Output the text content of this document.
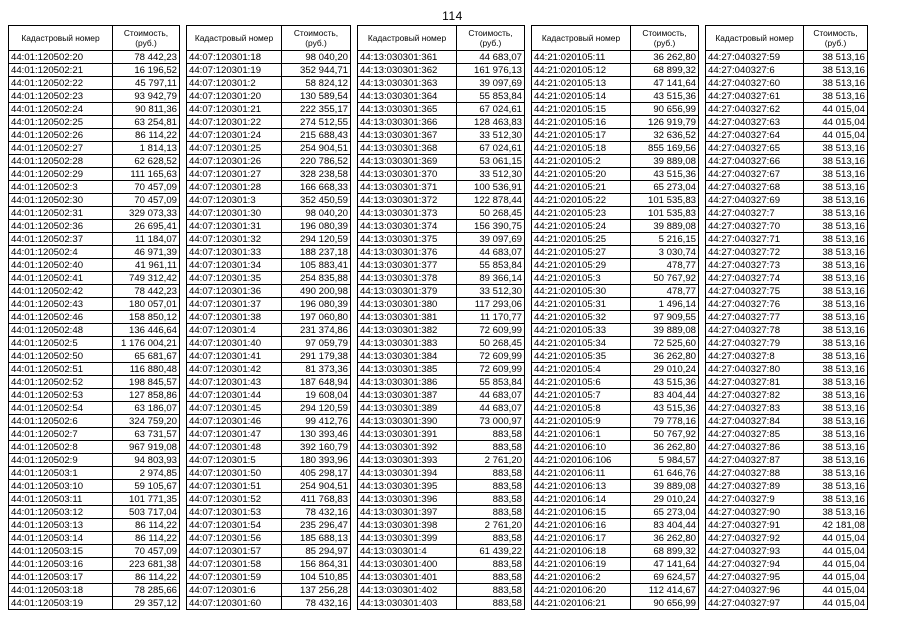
114
Кадастровый номер	Стоимость, (руб.)
44:01:120502:20	78 442,23
44:01:120502:21	16 196,52
44:01:120502:22	45 797,11
44:01:120502:23	93 942,79
44:01:120502:24	90 811,36
44:01:120502:25	63 254,81
44:01:120502:26	86 114,22
44:01:120502:27	1 814,13
44:01:120502:28	62 628,52
44:01:120502:29	111 165,63
44:01:120502:3	70 457,09
44:01:120502:30	70 457,09
44:01:120502:31	329 073,33
44:01:120502:36	26 695,41
44:01:120502:37	11 184,07
44:01:120502:4	46 971,39
44:01:120502:40	41 961,11
44:01:120502:41	749 312,42
44:01:120502:42	78 442,23
44:01:120502:43	180 057,01
44:01:120502:46	158 850,12
44:01:120502:48	136 446,64
44:01:120502:5	1 176 004,21
44:01:120502:50	65 681,67
44:01:120502:51	116 880,48
44:01:120502:52	198 845,57
44:01:120502:53	127 858,86
44:01:120502:54	63 186,07
44:01:120502:6	324 759,20
44:01:120502:7	63 731,57
44:01:120502:8	967 919,08
44:01:120502:9	94 803,93
44:01:120503:1	2 974,85
44:01:120503:10	59 105,67
44:01:120503:11	101 771,35
44:01:120503:12	503 717,04
44:01:120503:13	86 114,22
44:01:120503:14	86 114,22
44:01:120503:15	70 457,09
44:01:120503:16	223 681,38
44:01:120503:17	86 114,22
44:01:120503:18	78 285,66
44:01:120503:19	29 357,12
Кадастровый номер	Стоимость, (руб.)
44:07:120301:18	98 040,20
44:07:120301:19	352 944,71
44:07:120301:2	58 824,12
44:07:120301:20	130 589,54
44:07:120301:21	222 355,17
44:07:120301:22	274 512,55
44:07:120301:24	215 688,43
44:07:120301:25	254 904,51
44:07:120301:26	220 786,52
44:07:120301:27	328 238,58
44:07:120301:28	166 668,33
44:07:120301:3	352 450,59
44:07:120301:30	98 040,20
44:07:120301:31	196 080,39
44:07:120301:32	294 120,59
44:07:120301:33	188 237,18
44:07:120301:34	105 883,41
44:07:120301:35	254 835,88
44:07:120301:36	490 200,98
44:07:120301:37	196 080,39
44:07:120301:38	197 060,80
44:07:120301:4	231 374,86
44:07:120301:40	97 059,79
44:07:120301:41	291 179,38
44:07:120301:42	81 373,36
44:07:120301:43	187 648,94
44:07:120301:44	19 608,04
44:07:120301:45	294 120,59
44:07:120301:46	99 412,76
44:07:120301:47	130 393,46
44:07:120301:48	392 160,79
44:07:120301:5	180 393,96
44:07:120301:50	405 298,17
44:07:120301:51	254 904,51
44:07:120301:52	411 768,83
44:07:120301:53	78 432,16
44:07:120301:54	235 296,47
44:07:120301:56	185 688,13
44:07:120301:57	85 294,97
44:07:120301:58	156 864,31
44:07:120301:59	104 510,85
44:07:120301:6	137 256,28
44:07:120301:60	78 432,16
Кадастровый номер	Стоимость, (руб.)
44:13:030301:361	44 683,07
44:13:030301:362	161 976,13
44:13:030301:363	39 097,69
44:13:030301:364	55 853,84
44:13:030301:365	67 024,61
44:13:030301:366	128 463,83
44:13:030301:367	33 512,30
44:13:030301:368	67 024,61
44:13:030301:369	53 061,15
44:13:030301:370	33 512,30
44:13:030301:371	100 536,91
44:13:030301:372	122 878,44
44:13:030301:373	50 268,45
44:13:030301:374	156 390,75
44:13:030301:375	39 097,69
44:13:030301:376	44 683,07
44:13:030301:377	55 853,84
44:13:030301:378	89 366,14
44:13:030301:379	33 512,30
44:13:030301:380	117 293,06
44:13:030301:381	11 170,77
44:13:030301:382	72 609,99
44:13:030301:383	50 268,45
44:13:030301:384	72 609,99
44:13:030301:385	72 609,99
44:13:030301:386	55 853,84
44:13:030301:387	44 683,07
44:13:030301:389	44 683,07
44:13:030301:390	73 000,97
44:13:030301:391	883,58
44:13:030301:392	883,58
44:13:030301:393	2 761,20
44:13:030301:394	883,58
44:13:030301:395	883,58
44:13:030301:396	883,58
44:13:030301:397	883,58
44:13:030301:398	2 761,20
44:13:030301:399	883,58
44:13:030301:4	61 439,22
44:13:030301:400	883,58
44:13:030301:401	883,58
44:13:030301:402	883,58
44:13:030301:403	883,58
Кадастровый номер	Стоимость, (руб.)
44:21:020105:11	36 262,80
44:21:020105:12	68 899,32
44:21:020105:13	47 141,64
44:21:020105:14	43 515,36
44:21:020105:15	90 656,99
44:21:020105:16	126 919,79
44:21:020105:17	32 636,52
44:21:020105:18	855 169,56
44:21:020105:2	39 889,08
44:21:020105:20	43 515,36
44:21:020105:21	65 273,04
44:21:020105:22	101 535,83
44:21:020105:23	101 535,83
44:21:020105:24	39 889,08
44:21:020105:25	5 216,15
44:21:020105:27	3 030,74
44:21:020105:29	478,77
44:21:020105:3	50 767,92
44:21:020105:30	478,77
44:21:020105:31	1 496,14
44:21:020105:32	97 909,55
44:21:020105:33	39 889,08
44:21:020105:34	72 525,60
44:21:020105:35	36 262,80
44:21:020105:4	29 010,24
44:21:020105:6	43 515,36
44:21:020105:7	83 404,44
44:21:020105:8	43 515,36
44:21:020105:9	79 778,16
44:21:020106:1	50 767,92
44:21:020106:10	36 262,80
44:21:020106:106	5 984,57
44:21:020106:11	61 646,76
44:21:020106:13	39 889,08
44:21:020106:14	29 010,24
44:21:020106:15	65 273,04
44:21:020106:16	83 404,44
44:21:020106:17	36 262,80
44:21:020106:18	68 899,32
44:21:020106:19	47 141,64
44:21:020106:2	69 624,57
44:21:020106:20	112 414,67
44:21:020106:21	90 656,99
Кадастровый номер	Стоимость, (руб.)
44:27:040327:59	38 513,16
44:27:040327:6	38 513,16
44:27:040327:60	38 513,16
44:27:040327:61	38 513,16
44:27:040327:62	44 015,04
44:27:040327:63	44 015,04
44:27:040327:64	44 015,04
44:27:040327:65	38 513,16
44:27:040327:66	38 513,16
44:27:040327:67	38 513,16
44:27:040327:68	38 513,16
44:27:040327:69	38 513,16
44:27:040327:7	38 513,16
44:27:040327:70	38 513,16
44:27:040327:71	38 513,16
44:27:040327:72	38 513,16
44:27:040327:73	38 513,16
44:27:040327:74	38 513,16
44:27:040327:75	38 513,16
44:27:040327:76	38 513,16
44:27:040327:77	38 513,16
44:27:040327:78	38 513,16
44:27:040327:79	38 513,16
44:27:040327:8	38 513,16
44:27:040327:80	38 513,16
44:27:040327:81	38 513,16
44:27:040327:82	38 513,16
44:27:040327:83	38 513,16
44:27:040327:84	38 513,16
44:27:040327:85	38 513,16
44:27:040327:86	38 513,16
44:27:040327:87	38 513,16
44:27:040327:88	38 513,16
44:27:040327:89	38 513,16
44:27:040327:9	38 513,16
44:27:040327:90	38 513,16
44:27:040327:91	42 181,08
44:27:040327:92	44 015,04
44:27:040327:93	44 015,04
44:27:040327:94	44 015,04
44:27:040327:95	44 015,04
44:27:040327:96	44 015,04
44:27:040327:97	44 015,04
